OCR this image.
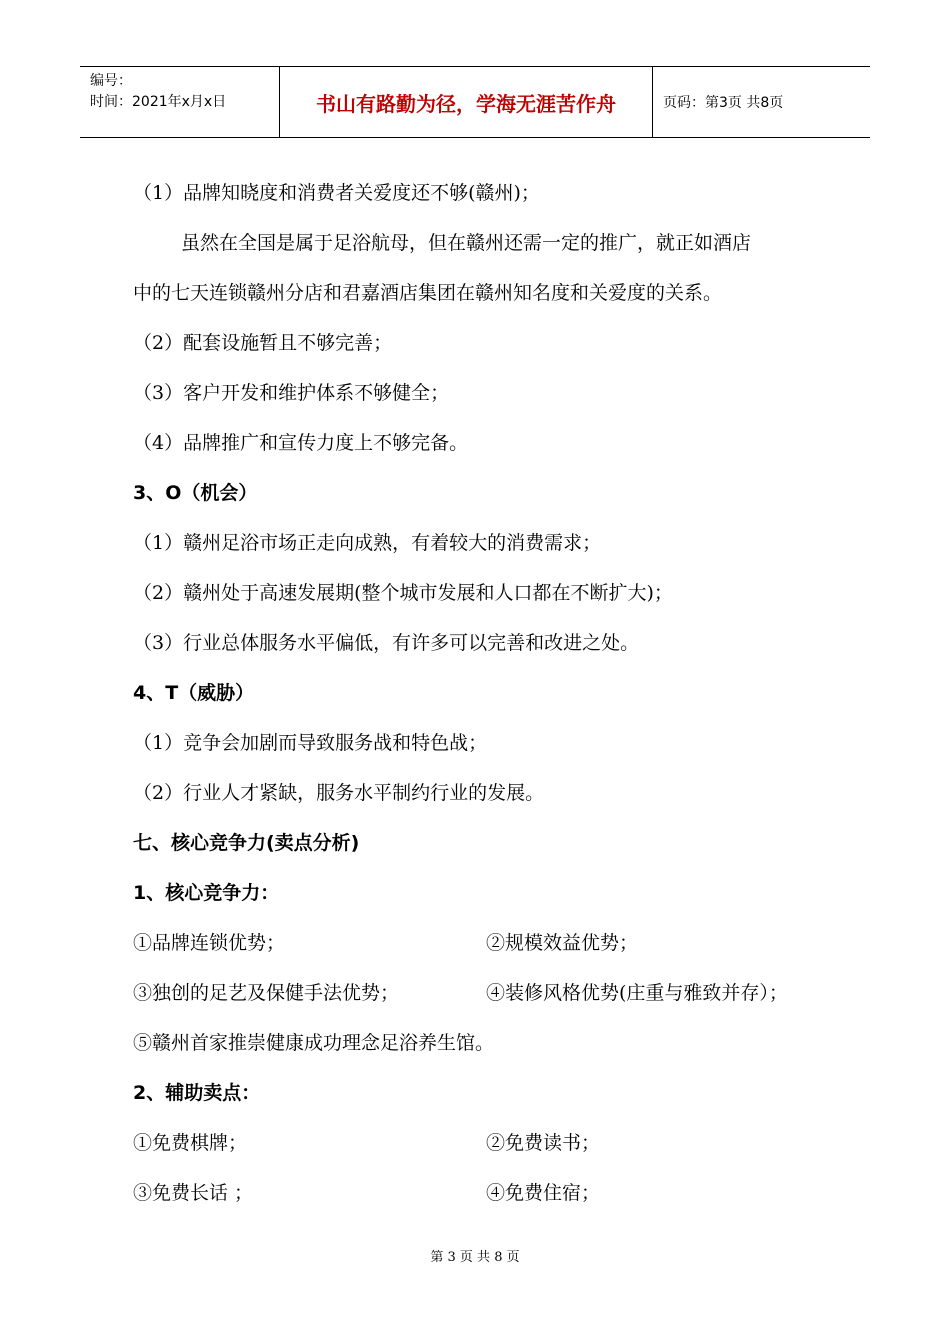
编号：
时间：2021年x月x日	书山有路勤为径，学海无涯苦作舟	页码：第3页 共8页
（1）品牌知晓度和消费者关爱度还不够(赣州)；
虽然在全国是属于足浴航母，但在赣州还需一定的推广，就正如酒店
中的七天连锁赣州分店和君嘉酒店集团在赣州知名度和关爱度的关系。
（2）配套设施暂且不够完善；
（3）客户开发和维护体系不够健全；
（4）品牌推广和宣传力度上不够完备。
3、O（机会）
（1）赣州足浴市场正走向成熟，有着较大的消费需求；
（2）赣州处于高速发展期(整个城市发展和人口都在不断扩大)；
（3）行业总体服务水平偏低，有许多可以完善和改进之处。
4、T（威胁）
（1）竞争会加剧而导致服务战和特色战；
（2）行业人才紧缺，服务水平制约行业的发展。
七、核心竞争力(卖点分析)
1、核心竞争力：
①品牌连锁优势；	②规模效益优势；
③独创的足艺及保健手法优势；	④装修风格优势(庄重与雅致并存）；
⑤赣州首家推崇健康成功理念足浴养生馆。
2、辅助卖点：
①免费棋牌；	②免费读书；
③免费长话 ；	④免费住宿；
第 3 页 共 8 页
